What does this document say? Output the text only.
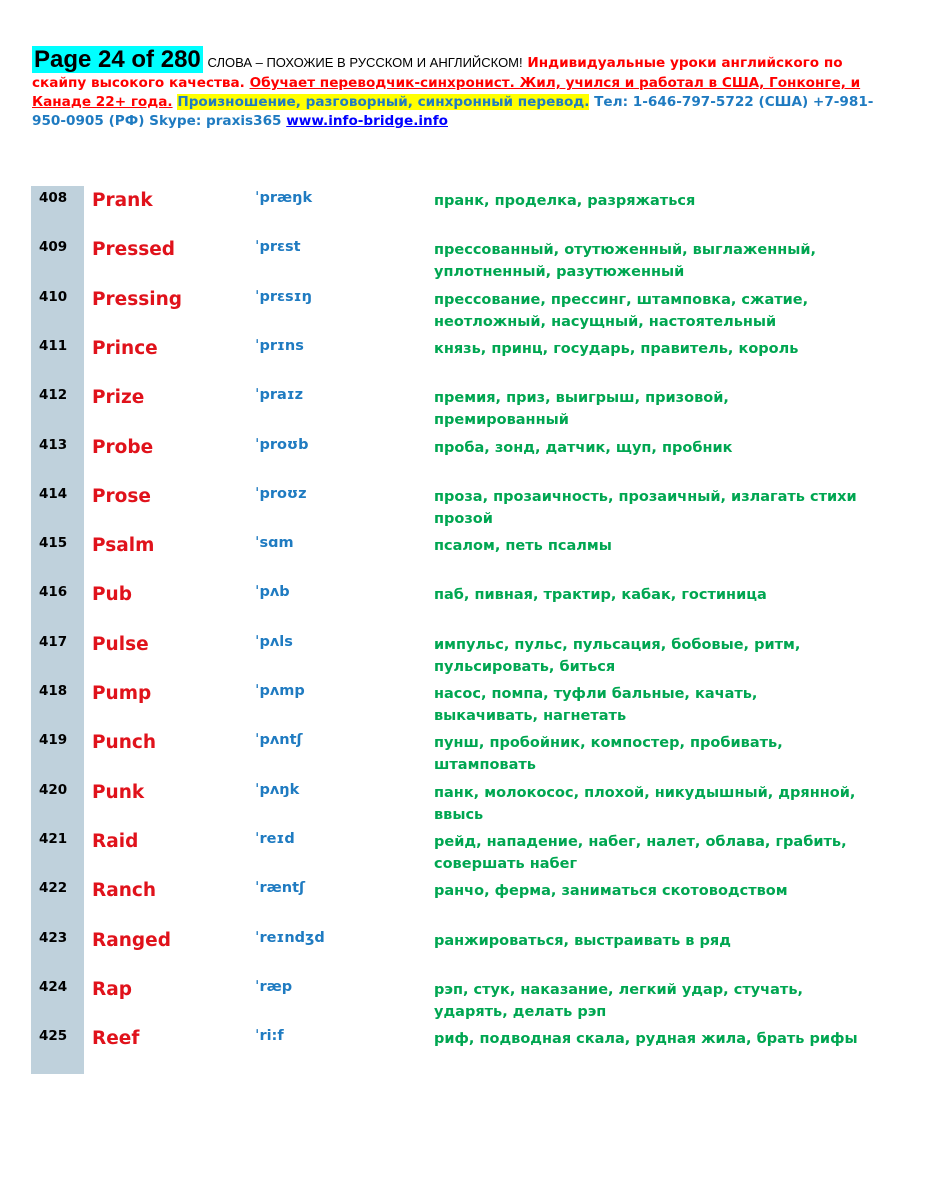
Page 24 of 280 СЛОВА – ПОХОЖИЕ В РУССКОМ И АНГЛИЙСКОМ! Индивидуальные уроки английского по скайпу высокого качества. Обучает переводчик-синхронист. Жил, учился и работал в США, Гонконге, и Канаде 22+ года. Произношение, разговорный, синхронный перевод. Тел: 1-646-797-5722 (США) +7-981-950-0905 (РФ) Skype: praxis365 www.info-bridge.info
408 Prank	ˈpræŋk	пранк, проделка, разряжаться
409 Pressed	ˈprɛst	прессованный, отутюженный, выглаженный, уплотненный, разутюженный
410 Pressing	ˈprɛsɪŋ	прессование, прессинг, штамповка, сжатие, неотложный, насущный, настоятельный
411 Prince	ˈprɪns	князь, принц, государь, правитель, король
412 Prize	ˈpraɪz	премия, приз, выигрыш, призовой, премированный
413 Probe	ˈproʊb	проба, зонд, датчик, щуп, пробник
414 Prose	ˈproʊz	проза, прозаичность, прозаичный, излагать стихи прозой
415 Psalm	ˈsɑm	псалом, петь псалмы
416 Pub	ˈpʌb	паб, пивная, трактир, кабак, гостиница
417 Pulse	ˈpʌls	импульс, пульс, пульсация, бобовые, ритм, пульсировать, биться
418 Pump	ˈpʌmp	насос, помпа, туфли бальные, качать, выкачивать, нагнетать
419 Punch	ˈpʌntʃ	пунш, пробойник, компостер, пробивать, штамповать
420 Punk	ˈpʌŋk	панк, молокосос, плохой, никудышный, дрянной, ввысь
421 Raid	ˈreɪd	рейд, нападение, набег, налет, облава, грабить, совершать набег
422 Ranch	ˈræntʃ	ранчо, ферма, заниматься скотоводством
423 Ranged	ˈreɪndʒd	ранжироваться, выстраивать в ряд
424 Rap	ˈræp	рэп, стук, наказание, легкий удар, стучать, ударять, делать рэп
425 Reef	ˈri:f	риф, подводная скала, рудная жила, брать рифы
